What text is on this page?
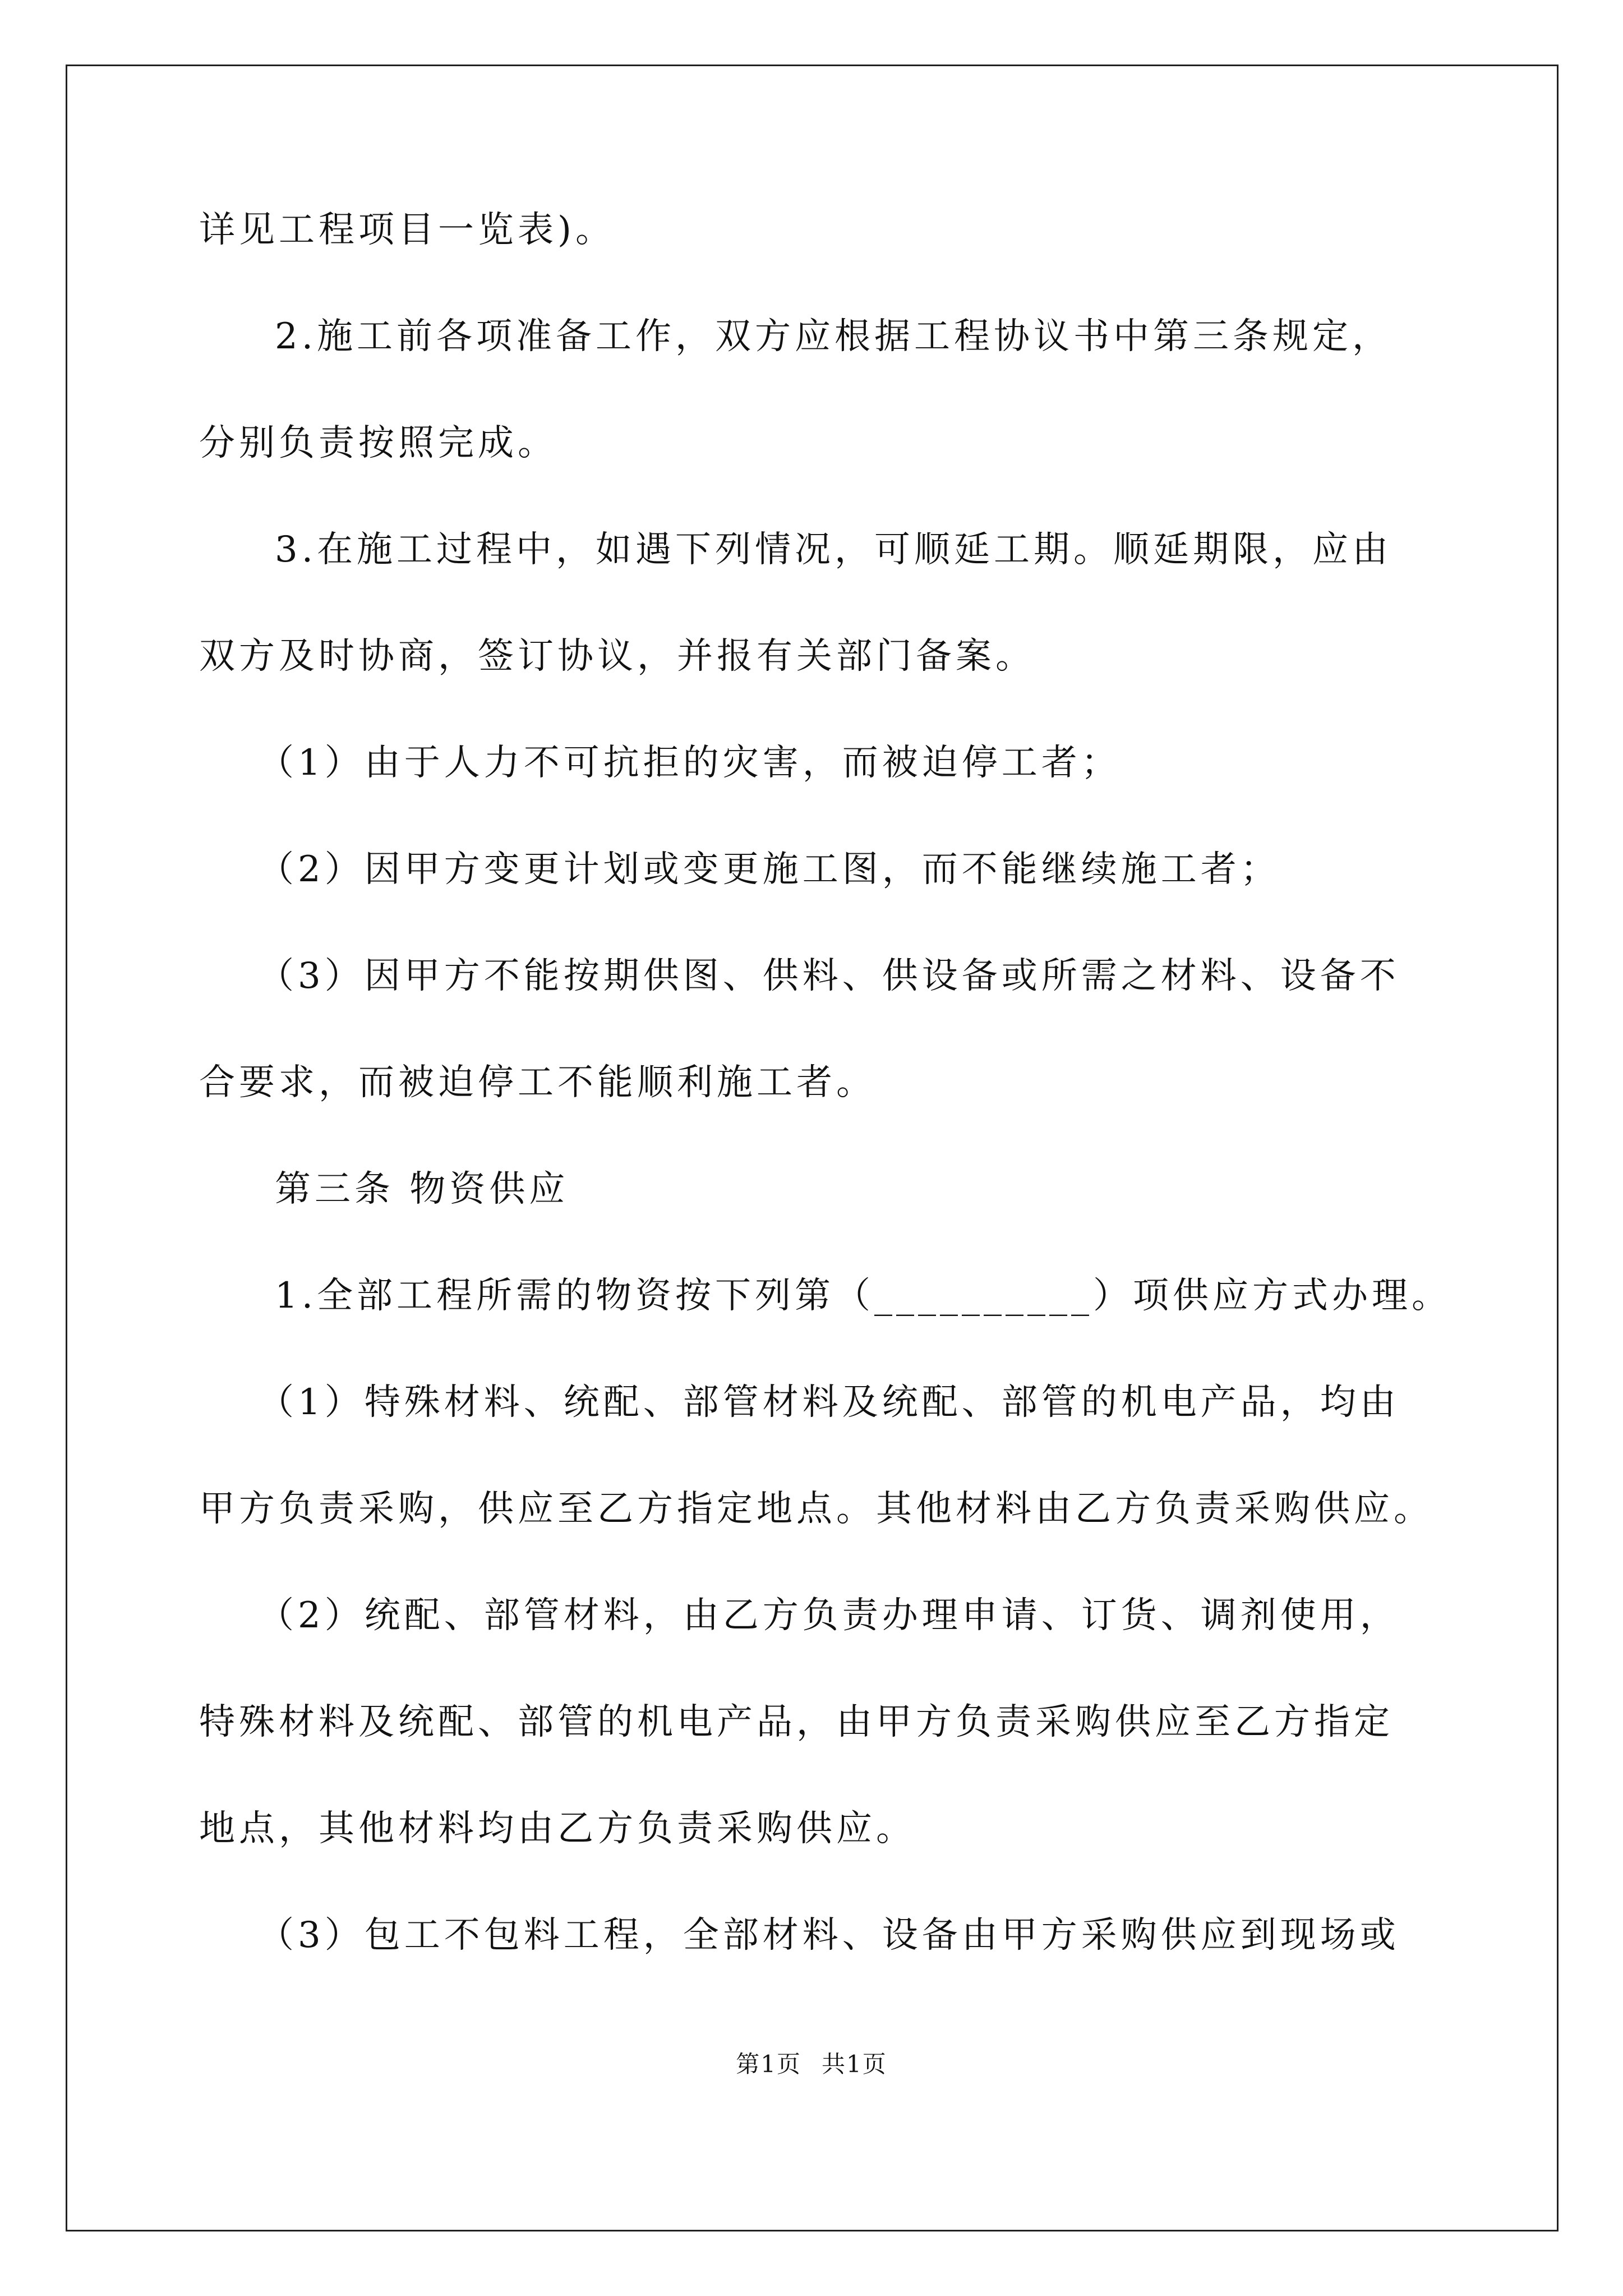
详见工程项目一览表)。
2.施工前各项准备工作，双方应根据工程协议书中第三条规定，
分别负责按照完成。
3.在施工过程中，如遇下列情况，可顺延工期。顺延期限，应由
双方及时协商，签订协议，并报有关部门备案。
（1）由于人力不可抗拒的灾害，而被迫停工者；
（2）因甲方变更计划或变更施工图，而不能继续施工者；
（3）因甲方不能按期供图、供料、供设备或所需之材料、设备不
合要求，而被迫停工不能顺利施工者。
第三条 物资供应
1.全部工程所需的物资按下列第（__________）项供应方式办理。
（1）特殊材料、统配、部管材料及统配、部管的机电产品，均由
甲方负责采购，供应至乙方指定地点。其他材料由乙方负责采购供应。
（2）统配、部管材料，由乙方负责办理申请、订货、调剂使用，
特殊材料及统配、部管的机电产品，由甲方负责采购供应至乙方指定
地点，其他材料均由乙方负责采购供应。
（3）包工不包料工程，全部材料、设备由甲方采购供应到现场或
第1页 共1页
